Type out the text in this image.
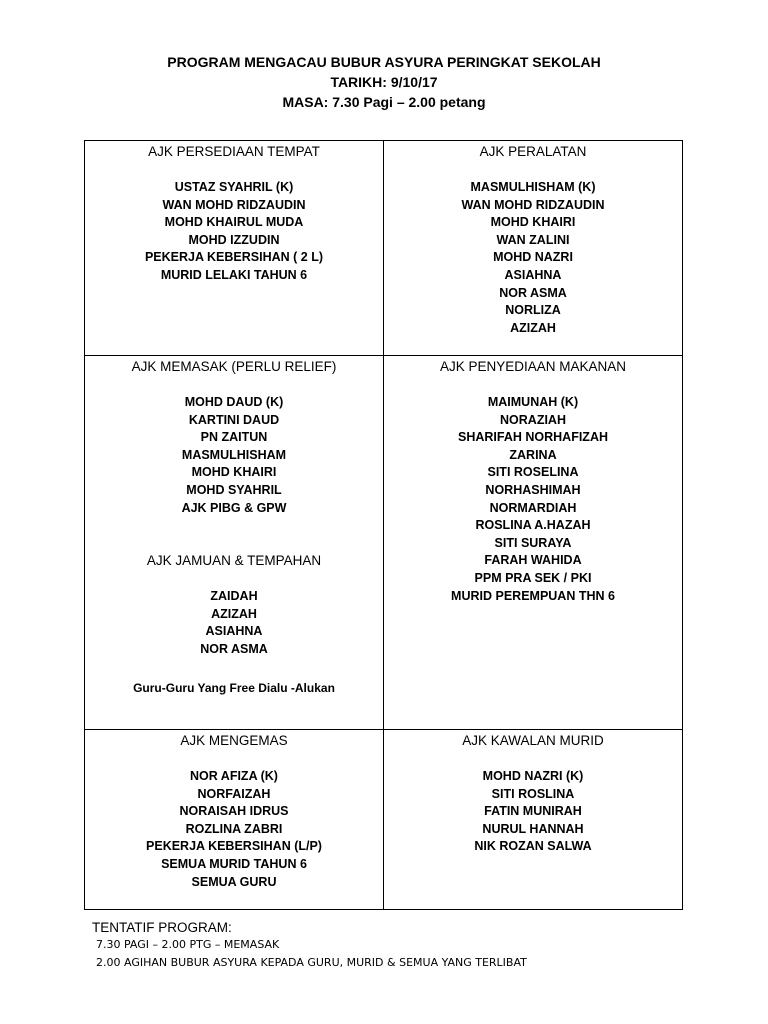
PROGRAM MENGACAU BUBUR ASYURA PERINGKAT SEKOLAH
TARIKH: 9/10/17
MASA: 7.30 Pagi – 2.00 petang
AJK PERSEDIAAN TEMPAT
USTAZ SYAHRIL (K)
WAN MOHD RIDZAUDIN
MOHD KHAIRUL MUDA
MOHD IZZUDIN
PEKERJA KEBERSIHAN ( 2 L)
MURID LELAKI TAHUN 6
AJK PERALATAN
MASMULHISHAM (K)
WAN MOHD RIDZAUDIN
MOHD KHAIRI
WAN ZALINI
MOHD NAZRI
ASIAHNA
NOR ASMA
NORLIZA
AZIZAH
AJK MEMASAK (PERLU RELIEF)
MOHD DAUD (K)
KARTINI DAUD
PN ZAITUN
MASMULHISHAM
MOHD KHAIRI
MOHD SYAHRIL
AJK PIBG & GPW
AJK JAMUAN & TEMPAHAN
ZAIDAH
AZIZAH
ASIAHNA
NOR ASMA
Guru-Guru Yang Free Dialu -Alukan
AJK PENYEDIAAN MAKANAN
MAIMUNAH (K)
NORAZIAH
SHARIFAH NORHAFIZAH
ZARINA
SITI ROSELINA
NORHASHIMAH
NORMARDIAH
ROSLINA A.HAZAH
SITI SURAYA
FARAH WAHIDA
PPM PRA SEK / PKI
MURID PEREMPUAN THN 6
AJK MENGEMAS
NOR AFIZA (K)
NORFAIZAH
NORAISAH IDRUS
ROZLINA ZABRI
PEKERJA KEBERSIHAN (L/P)
SEMUA MURID TAHUN 6
SEMUA GURU
AJK KAWALAN MURID
MOHD NAZRI (K)
SITI ROSLINA
FATIN MUNIRAH
NURUL HANNAH
NIK ROZAN SALWA
TENTATIF PROGRAM:
7.30 PAGI – 2.00 PTG – MEMASAK
2.00 AGIHAN BUBUR ASYURA KEPADA GURU, MURID & SEMUA YANG TERLIBAT
